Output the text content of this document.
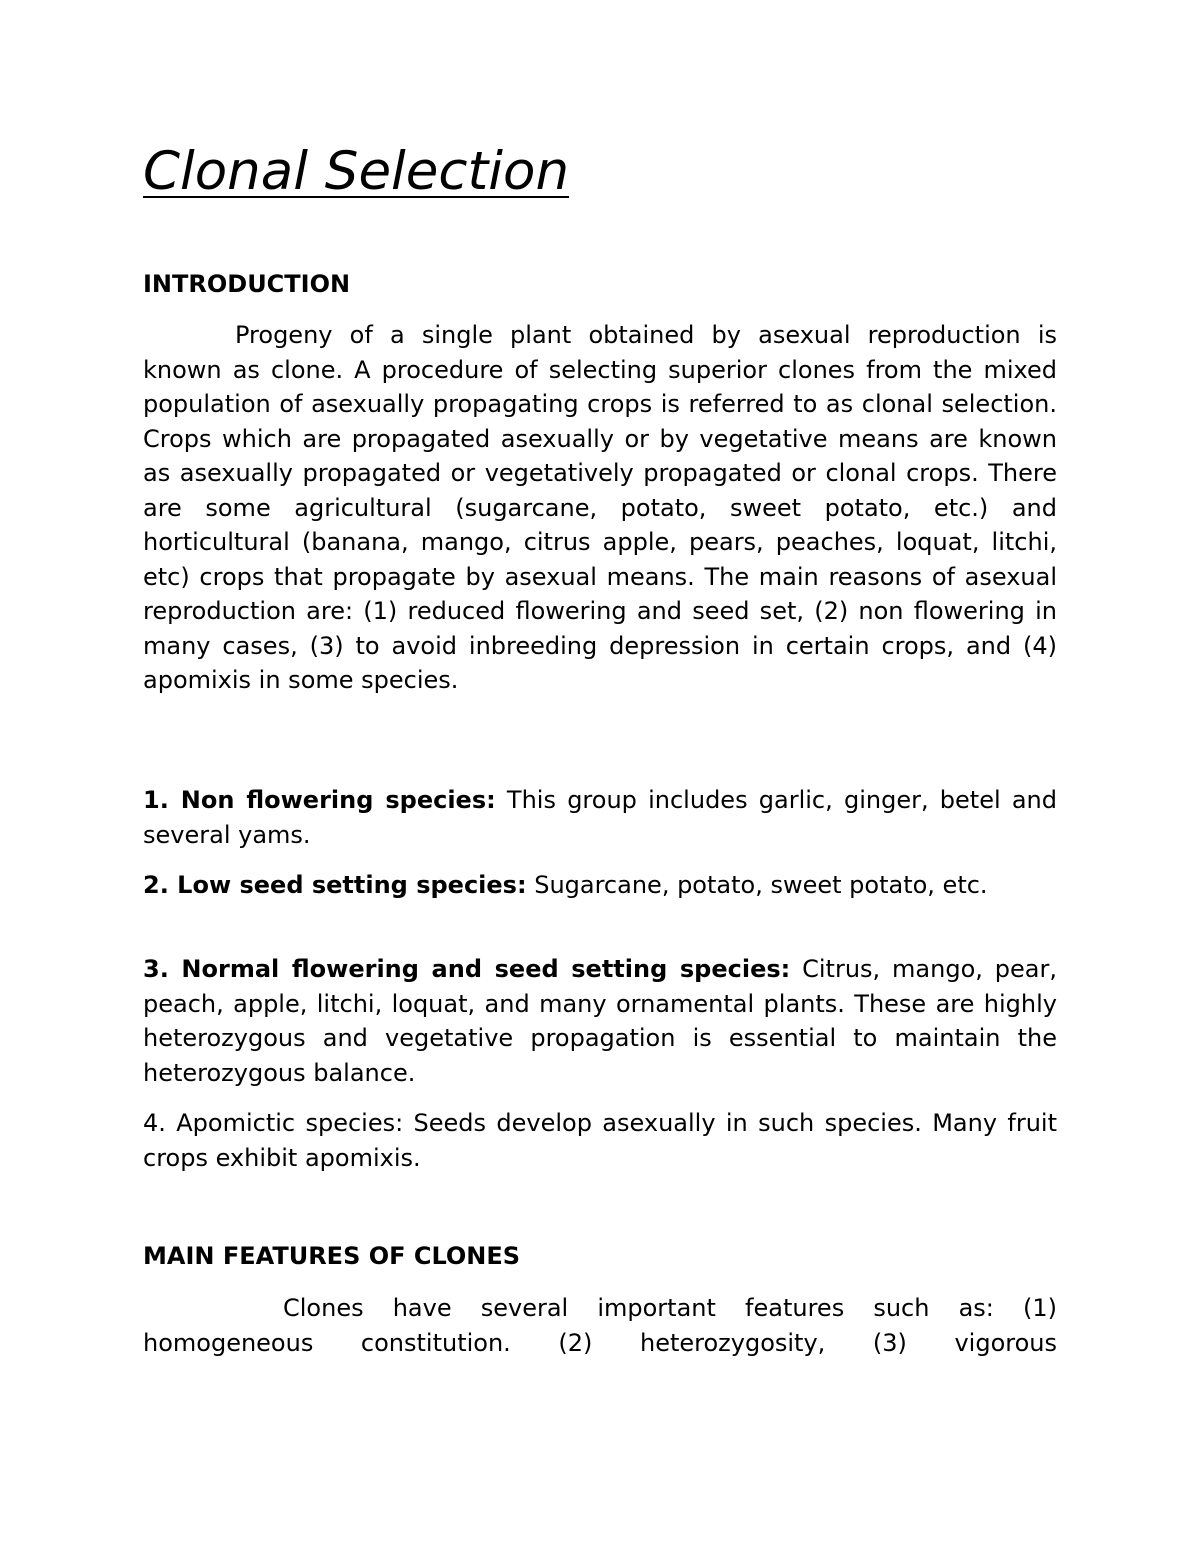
Clonal Selection
INTRODUCTION

Progeny of a single plant obtained by asexual reproduction is known as clone. A procedure of selecting superior clones from the mixed population of asexually propagating crops is referred to as clonal selection. Crops which are propagated asexually or by vegetative means are known as asexually propagated or vegetatively propagated or clonal crops. There are some agricultural (sugarcane, potato, sweet potato, etc.) and horticultural (banana, mango, citrus apple, pears, peaches, loquat, litchi, etc) crops that propagate by asexual means. The main reasons of asexual reproduction are: (1) reduced flowering and seed set, (2) non flowering in many cases, (3) to avoid inbreeding depression in certain crops, and (4) apomixis in some species.

1. Non flowering species: This group includes garlic, ginger, betel and several yams.

2. Low seed setting species: Sugarcane, potato, sweet potato, etc.

3. Normal flowering and seed setting species: Citrus, mango, pear, peach, apple, litchi, loquat, and many ornamental plants. These are highly heterozygous and vegetative propagation is essential to maintain the heterozygous balance.

4. Apomictic species: Seeds develop asexually in such species. Many fruit crops exhibit apomixis.

MAIN FEATURES OF CLONES

Clones have several important features such as: (1) homogeneous constitution. (2) heterozygosity, (3) vigorous
